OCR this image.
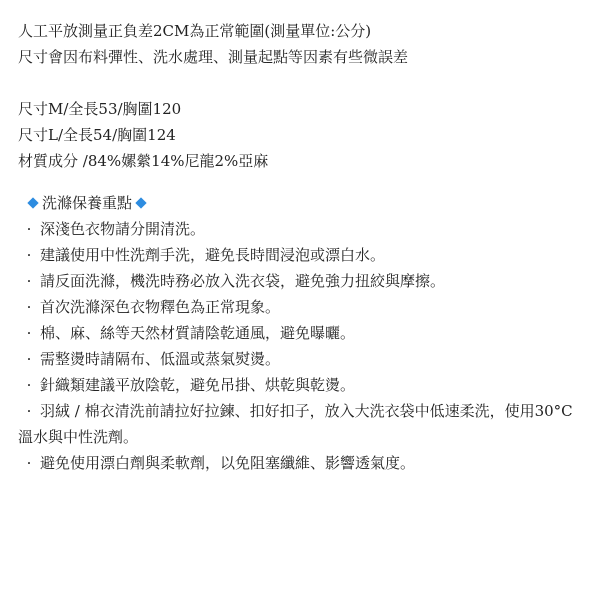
人工平放測量正負差2CM為正常範圍(測量單位:公分)
尺寸會因布料彈性、洗水處理、測量起點等因素有些微誤差
尺寸M/全長53/胸圍120
尺寸L/全長54/胸圍124
材質成分 /84%嫘縈14%尼龍2%亞麻
洗滌保養重點
· 深淺色衣物請分開清洗。
· 建議使用中性洗劑手洗，避免長時間浸泡或漂白水。
· 請反面洗滌，機洗時務必放入洗衣袋，避免強力扭絞與摩擦。
· 首次洗滌深色衣物釋色為正常現象。
· 棉、麻、絲等天然材質請陰乾通風，避免曝曬。
· 需整燙時請隔布、低溫或蒸氣熨燙。
· 針織類建議平放陰乾，避免吊掛、烘乾與乾燙。
· 羽絨 / 棉衣清洗前請拉好拉鍊、扣好扣子，放入大洗衣袋中低速柔洗，使用30°C溫水與中性洗劑。
· 避免使用漂白劑與柔軟劑，以免阻塞纖維、影響透氣度。
